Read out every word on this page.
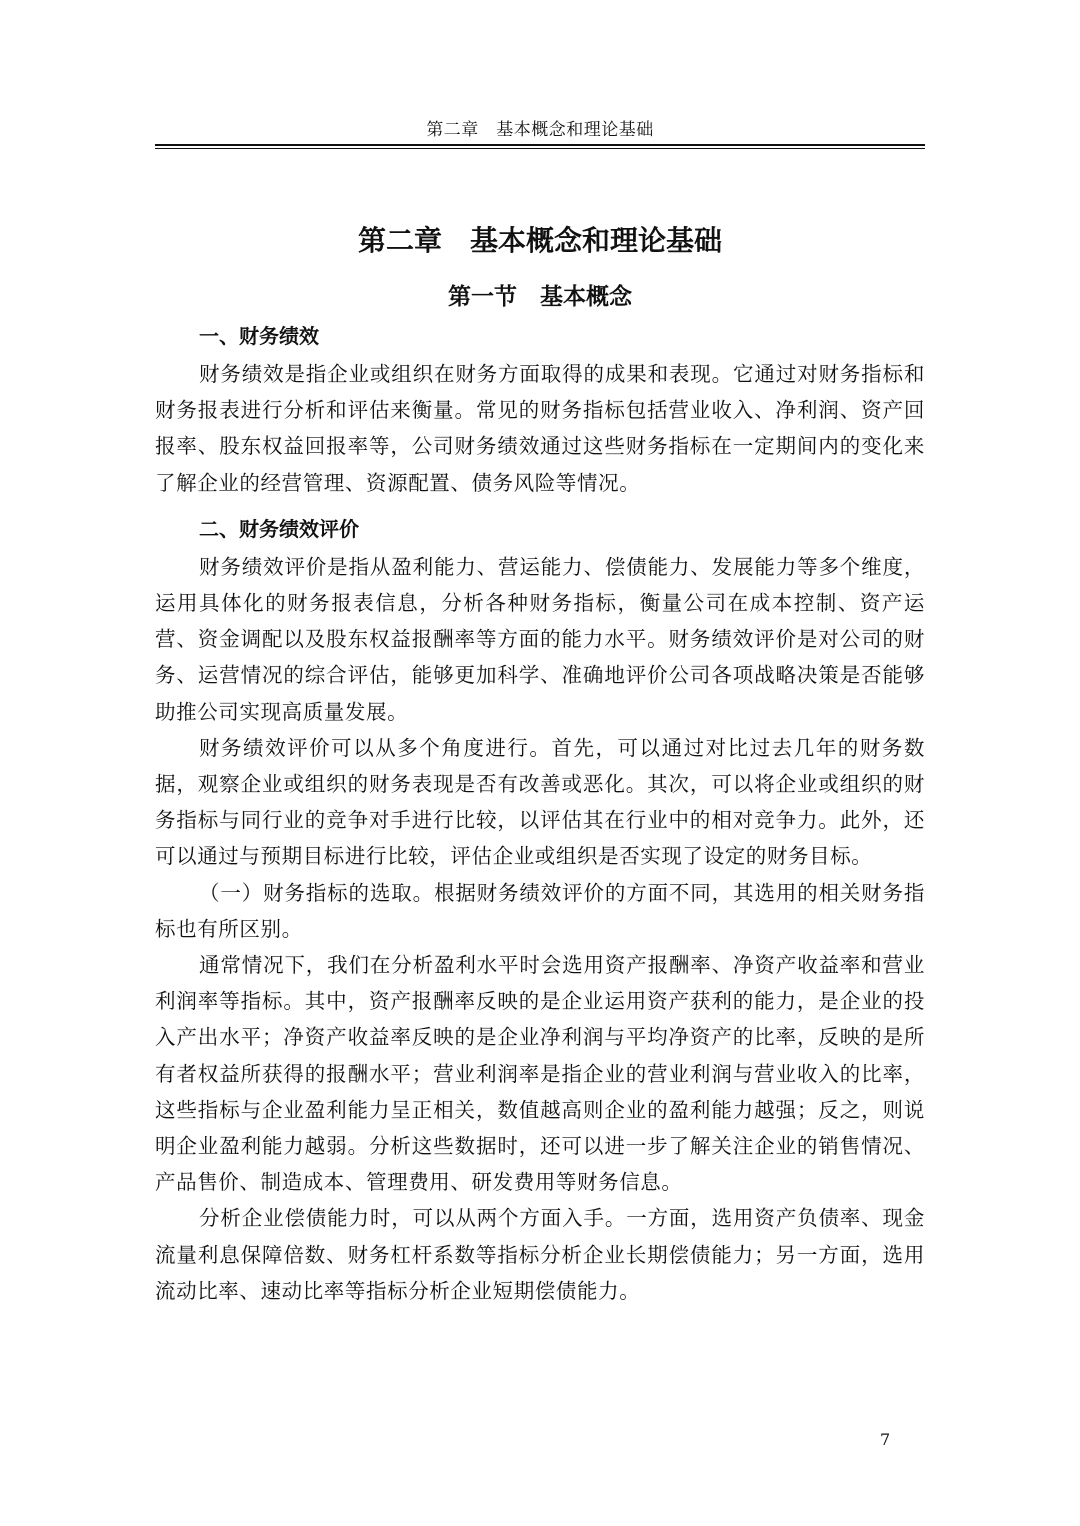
第二章　基本概念和理论基础
第二章　基本概念和理论基础
第一节　基本概念

一、财务绩效

财务绩效是指企业或组织在财务方面取得的成果和表现。它通过对财务指标和财务报表进行分析和评估来衡量。常见的财务指标包括营业收入、净利润、资产回报率、股东权益回报率等，公司财务绩效通过这些财务指标在一定期间内的变化来了解企业的经营管理、资源配置、债务风险等情况。

二、财务绩效评价

财务绩效评价是指从盈利能力、营运能力、偿债能力、发展能力等多个维度，运用具体化的财务报表信息，分析各种财务指标，衡量公司在成本控制、资产运营、资金调配以及股东权益报酬率等方面的能力水平。财务绩效评价是对公司的财务、运营情况的综合评估，能够更加科学、准确地评价公司各项战略决策是否能够助推公司实现高质量发展。

财务绩效评价可以从多个角度进行。首先，可以通过对比过去几年的财务数据，观察企业或组织的财务表现是否有改善或恶化。其次，可以将企业或组织的财务指标与同行业的竞争对手进行比较，以评估其在行业中的相对竞争力。此外，还可以通过与预期目标进行比较，评估企业或组织是否实现了设定的财务目标。

（一）财务指标的选取。根据财务绩效评价的方面不同，其选用的相关财务指标也有所区别。

通常情况下，我们在分析盈利水平时会选用资产报酬率、净资产收益率和营业利润率等指标。其中，资产报酬率反映的是企业运用资产获利的能力，是企业的投入产出水平；净资产收益率反映的是企业净利润与平均净资产的比率，反映的是所有者权益所获得的报酬水平；营业利润率是指企业的营业利润与营业收入的比率，这些指标与企业盈利能力呈正相关，数值越高则企业的盈利能力越强；反之，则说明企业盈利能力越弱。分析这些数据时，还可以进一步了解关注企业的销售情况、产品售价、制造成本、管理费用、研发费用等财务信息。

分析企业偿债能力时，可以从两个方面入手。一方面，选用资产负债率、现金流量利息保障倍数、财务杠杆系数等指标分析企业长期偿债能力；另一方面，选用流动比率、速动比率等指标分析企业短期偿债能力。

7
